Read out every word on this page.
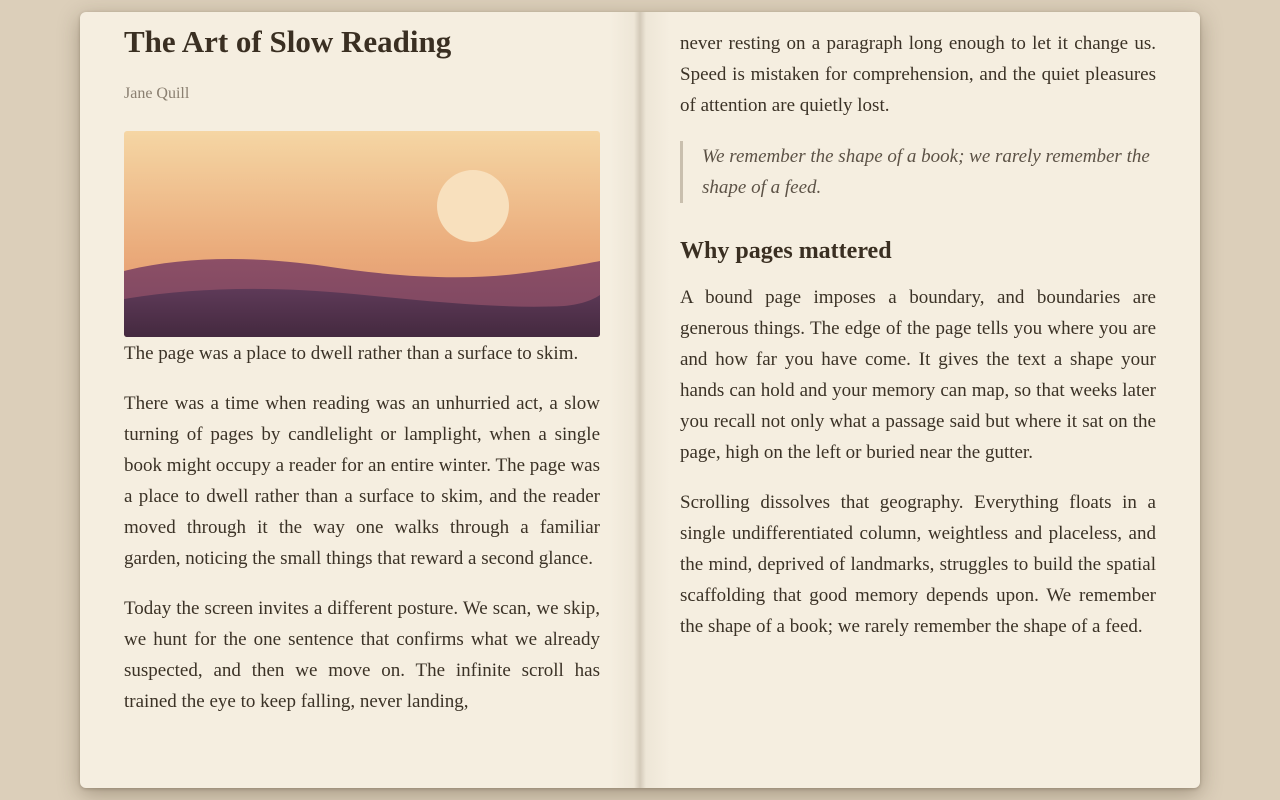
The Art of Slow Reading
Jane Quill
The page was a place to dwell rather than a surface to skim.

There was a time when reading was an unhurried act, a slow turning of pages by candlelight or lamplight, when a single book might occupy a reader for an entire winter. The page was a place to dwell rather than a surface to skim, and the reader moved through it the way one walks through a familiar garden, noticing the small things that reward a second glance.

Today the screen invites a different posture. We scan, we skip, we hunt for the one sentence that confirms what we already suspected, and then we move on. The infinite scroll has trained the eye to keep falling, never landing,

never resting on a paragraph long enough to let it change us. Speed is mistaken for comprehension, and the quiet pleasures of attention are quietly lost.
We remember the shape of a book; we rarely remember the shape of a feed.
Why pages mattered

A bound page imposes a boundary, and boundaries are generous things. The edge of the page tells you where you are and how far you have come. It gives the text a shape your hands can hold and your memory can map, so that weeks later you recall not only what a passage said but where it sat on the page, high on the left or buried near the gutter.

Scrolling dissolves that geography. Everything floats in a single undifferentiated column, weightless and placeless, and the mind, deprived of landmarks, struggles to build the spatial scaffolding that good memory depends upon. We remember the shape of a book; we rarely remember the shape of a feed.
